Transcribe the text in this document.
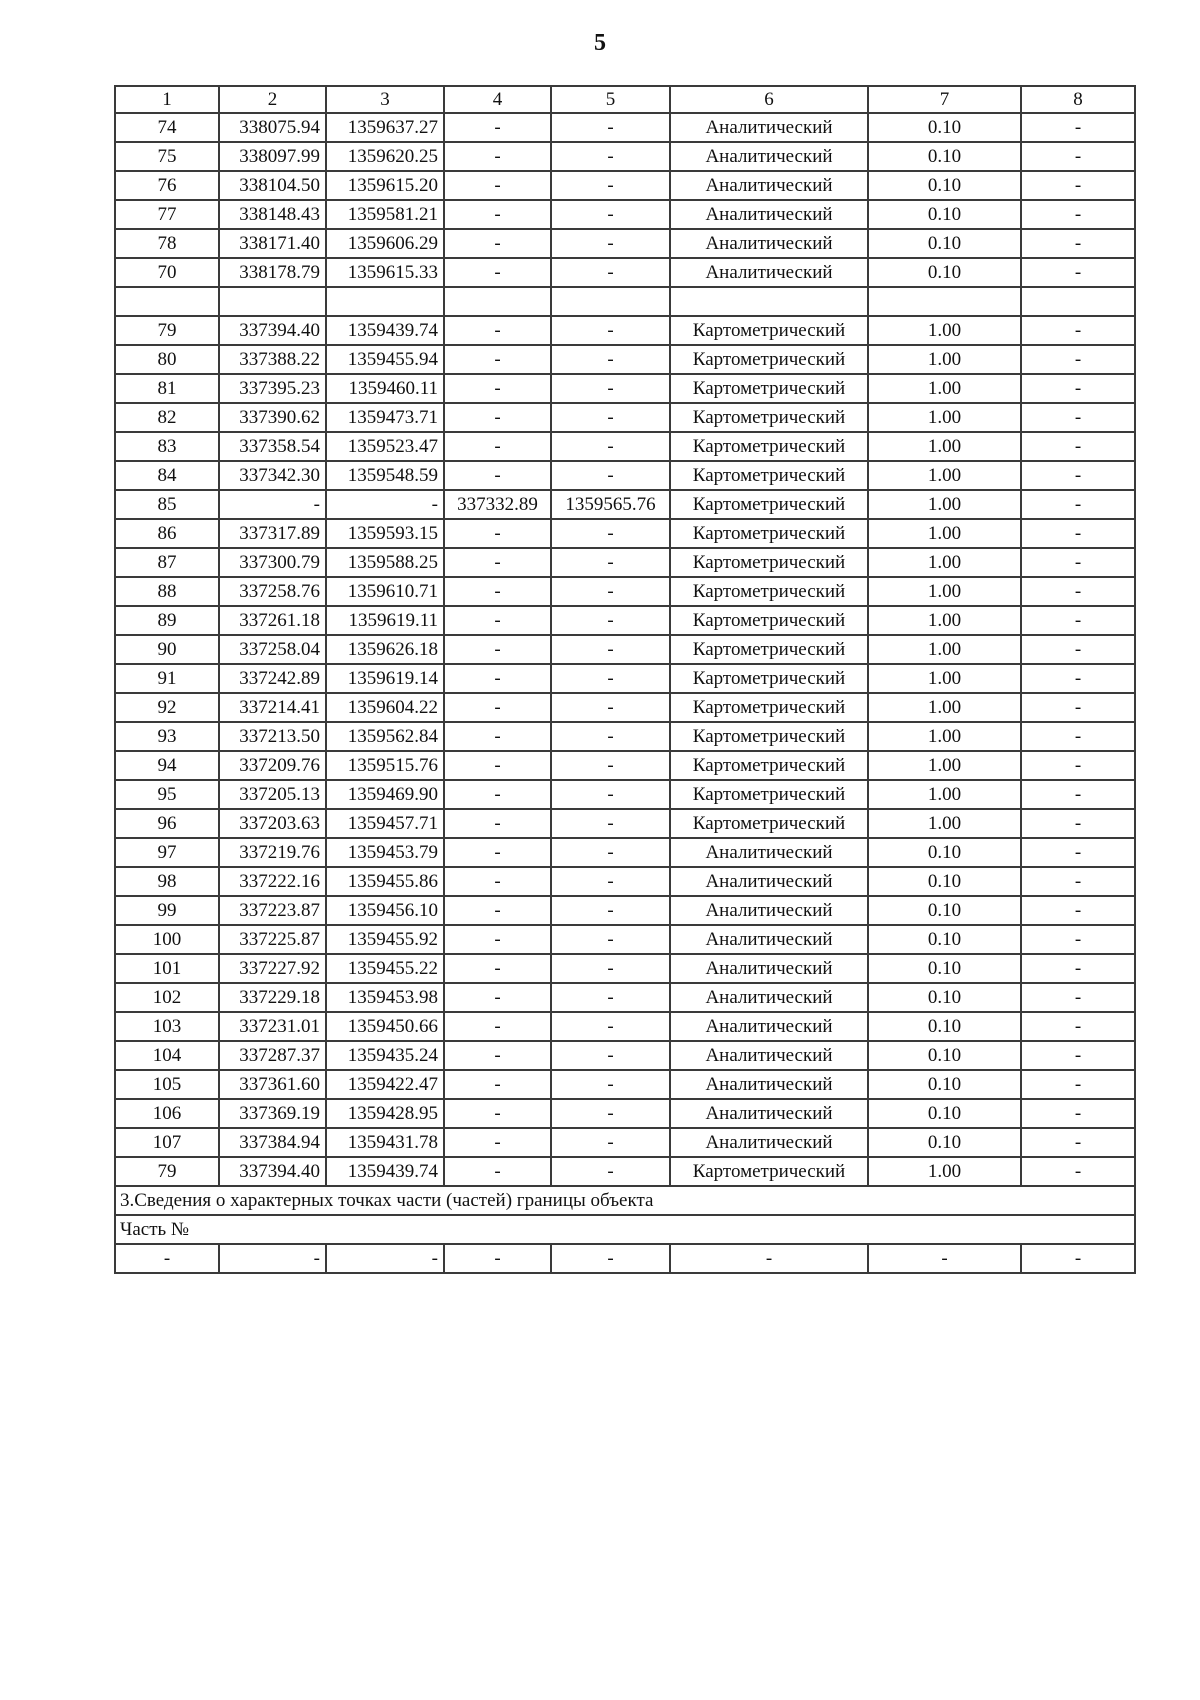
5
1	2	3	4	5	6	7	8
74	338075.94	1359637.27	-	-	Аналитический	0.10	-
75	338097.99	1359620.25	-	-	Аналитический	0.10	-
76	338104.50	1359615.20	-	-	Аналитический	0.10	-
77	338148.43	1359581.21	-	-	Аналитический	0.10	-
78	338171.40	1359606.29	-	-	Аналитический	0.10	-
70	338178.79	1359615.33	-	-	Аналитический	0.10	-

79	337394.40	1359439.74	-	-	Картометрический	1.00	-
80	337388.22	1359455.94	-	-	Картометрический	1.00	-
81	337395.23	1359460.11	-	-	Картометрический	1.00	-
82	337390.62	1359473.71	-	-	Картометрический	1.00	-
83	337358.54	1359523.47	-	-	Картометрический	1.00	-
84	337342.30	1359548.59	-	-	Картометрический	1.00	-
85	-	-	337332.89	1359565.76	Картометрический	1.00	-
86	337317.89	1359593.15	-	-	Картометрический	1.00	-
87	337300.79	1359588.25	-	-	Картометрический	1.00	-
88	337258.76	1359610.71	-	-	Картометрический	1.00	-
89	337261.18	1359619.11	-	-	Картометрический	1.00	-
90	337258.04	1359626.18	-	-	Картометрический	1.00	-
91	337242.89	1359619.14	-	-	Картометрический	1.00	-
92	337214.41	1359604.22	-	-	Картометрический	1.00	-
93	337213.50	1359562.84	-	-	Картометрический	1.00	-
94	337209.76	1359515.76	-	-	Картометрический	1.00	-
95	337205.13	1359469.90	-	-	Картометрический	1.00	-
96	337203.63	1359457.71	-	-	Картометрический	1.00	-
97	337219.76	1359453.79	-	-	Аналитический	0.10	-
98	337222.16	1359455.86	-	-	Аналитический	0.10	-
99	337223.87	1359456.10	-	-	Аналитический	0.10	-
100	337225.87	1359455.92	-	-	Аналитический	0.10	-
101	337227.92	1359455.22	-	-	Аналитический	0.10	-
102	337229.18	1359453.98	-	-	Аналитический	0.10	-
103	337231.01	1359450.66	-	-	Аналитический	0.10	-
104	337287.37	1359435.24	-	-	Аналитический	0.10	-
105	337361.60	1359422.47	-	-	Аналитический	0.10	-
106	337369.19	1359428.95	-	-	Аналитический	0.10	-
107	337384.94	1359431.78	-	-	Аналитический	0.10	-
79	337394.40	1359439.74	-	-	Картометрический	1.00	-
3.Сведения о характерных точках части (частей) границы объекта							
Часть №							
-	-	-	-	-	-	-	-
